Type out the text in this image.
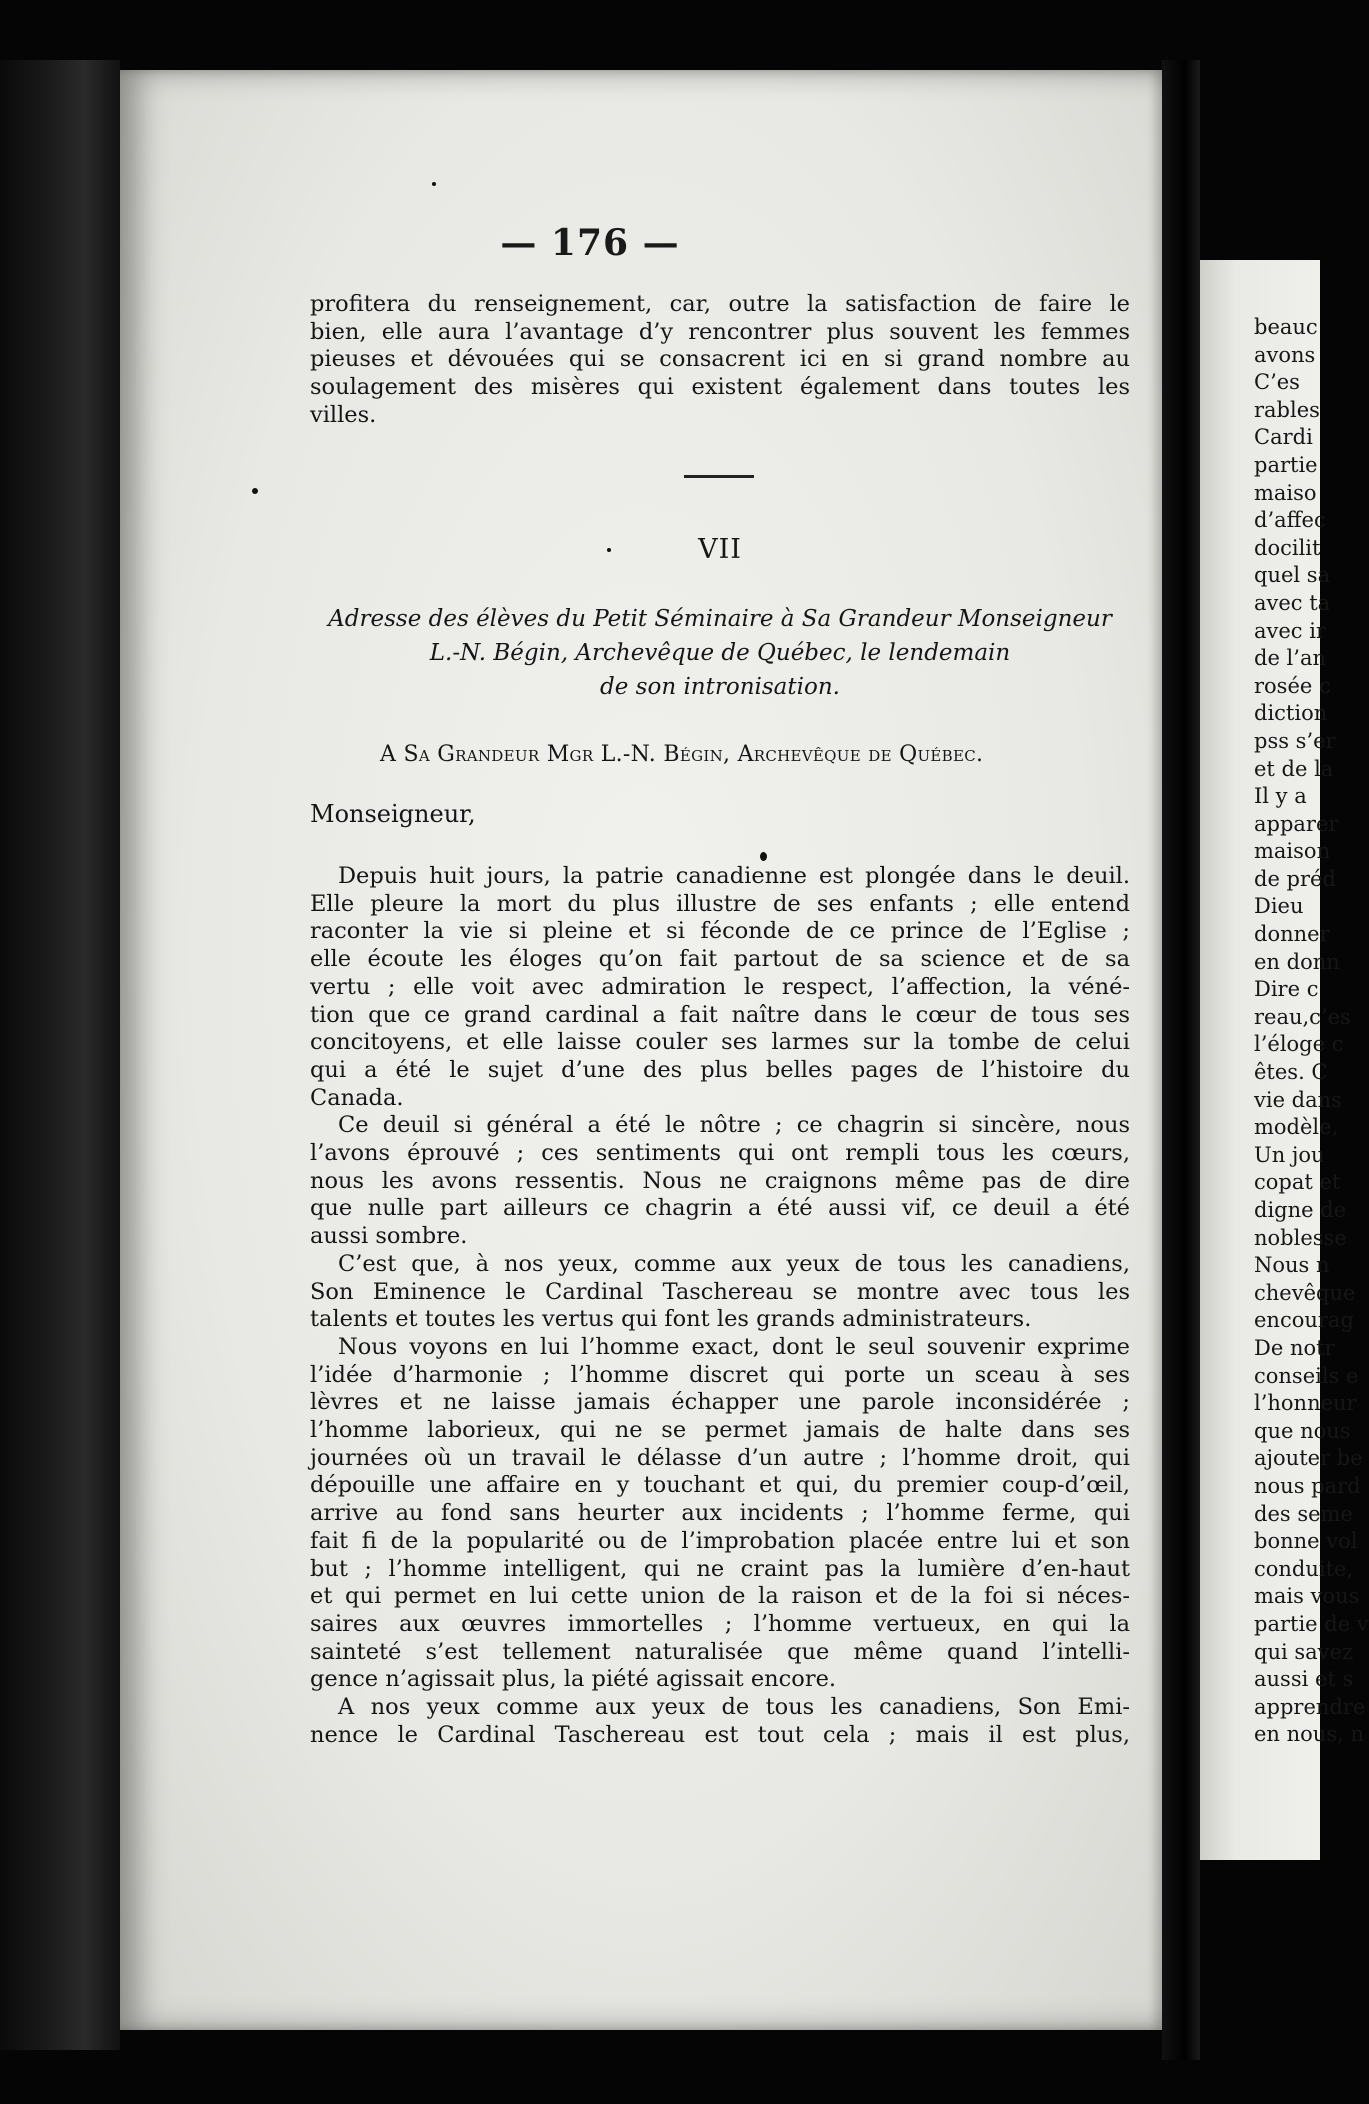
beauc
avons
C’es
rables
Cardi
partie
maiso
d’affec
docilit
quel sa
avec ta
avec ir
de l’an
rosée c
diction
pss s’er
et de la
Il y a
apparer
maison
de préd
Dieu
donner
en donn
Dire c
reau,c’es
l’éloge c
êtes. C
vie dans
modèle,
Un jou
copat et
digne de
noblesse
Nous n
chevêque
encourag
De notr
conseils e
l’honneur
que nous
ajouter be
nous pard
des seme
bonne vol
conduite,
mais vous
partie de v
qui savez
aussi et s
apprendre
en nous, n
— 176 —

profitera du renseignement, car, outre la satisfaction de faire le
bien, elle aura l’avantage d’y rencontrer plus souvent les femmes
pieuses et dévouées qui se consacrent ici en si grand nombre au
soulagement des misères qui existent également dans toutes les
villes.

VII
Adresse des élèves du Petit Séminaire à Sa Grandeur Monseigneur
L.-N. Bégin, Archevêque de Québec, le lendemain
de son intronisation.
A Sa Grandeur Mgr L.-N. Bégin, Archevêque de Québec.
Monseigneur,

Depuis huit jours, la patrie canadienne est plongée dans le deuil.
Elle pleure la mort du plus illustre de ses enfants ; elle entend
raconter la vie si pleine et si féconde de ce prince de l’Eglise ;
elle écoute les éloges qu’on fait partout de sa science et de sa
vertu ; elle voit avec admiration le respect, l’affection, la véné-
tion que ce grand cardinal a fait naître dans le cœur de tous ses
concitoyens, et elle laisse couler ses larmes sur la tombe de celui
qui a été le sujet d’une des plus belles pages de l’histoire du
Canada.
Ce deuil si général a été le nôtre ; ce chagrin si sincère, nous
l’avons éprouvé ; ces sentiments qui ont rempli tous les cœurs,
nous les avons ressentis. Nous ne craignons même pas de dire
que nulle part ailleurs ce chagrin a été aussi vif, ce deuil a été
aussi sombre.
C’est que, à nos yeux, comme aux yeux de tous les canadiens,
Son Eminence le Cardinal Taschereau se montre avec tous les
talents et toutes les vertus qui font les grands administrateurs.
Nous voyons en lui l’homme exact, dont le seul souvenir exprime
l’idée d’harmonie ; l’homme discret qui porte un sceau à ses
lèvres et ne laisse jamais échapper une parole inconsidérée ;
l’homme laborieux, qui ne se permet jamais de halte dans ses
journées où un travail le délasse d’un autre ; l’homme droit, qui
dépouille une affaire en y touchant et qui, du premier coup-d’œil,
arrive au fond sans heurter aux incidents ; l’homme ferme, qui
fait fi de la popularité ou de l’improbation placée entre lui et son
but ; l’homme intelligent, qui ne craint pas la lumière d’en-haut
et qui permet en lui cette union de la raison et de la foi si néces-
saires aux œuvres immortelles ; l’homme vertueux, en qui la
sainteté s’est tellement naturalisée que même quand l’intelli-
gence n’agissait plus, la piété agissait encore.
A nos yeux comme aux yeux de tous les canadiens, Son Emi-
nence le Cardinal Taschereau est tout cela ; mais il est plus,
